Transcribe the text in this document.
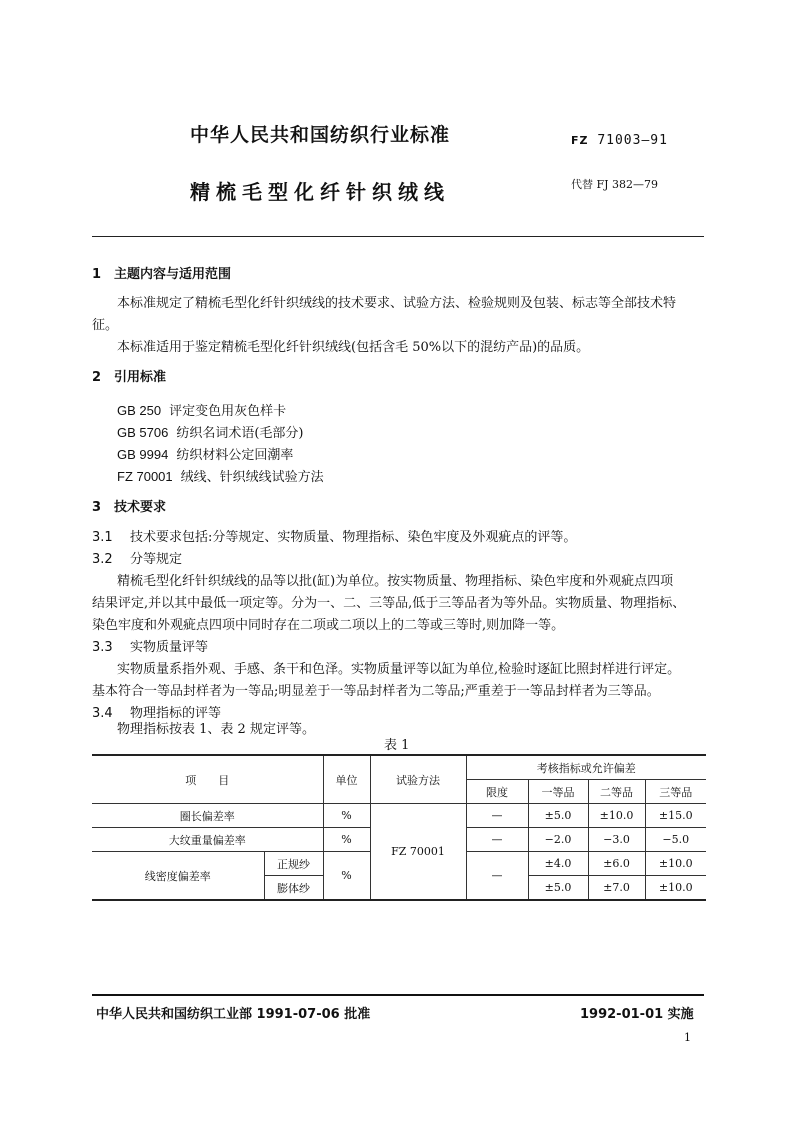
中华人民共和国纺织行业标准	FZ 71003—91
精梳毛型化纤针织绒线	代替 FJ 382—79
1 主题内容与适用范围
本标准规定了精梳毛型化纤针织绒线的技术要求、试验方法、检验规则及包装、标志等全部技术特
征。
本标准适用于鉴定精梳毛型化纤针织绒线(包括含毛 50%以下的混纺产品)的品质。
2 引用标准
GB 250 评定变色用灰色样卡
GB 5706 纺织名词术语(毛部分)
GB 9994 纺织材料公定回潮率
FZ 70001 绒线、针织绒线试验方法
3 技术要求
3.1 技术要求包括:分等规定、实物质量、物理指标、染色牢度及外观疵点的评等。
3.2 分等规定
精梳毛型化纤针织绒线的品等以批(缸)为单位。按实物质量、物理指标、染色牢度和外观疵点四项
结果评定,并以其中最低一项定等。分为一、二、三等品,低于三等品者为等外品。实物质量、物理指标、
染色牢度和外观疵点四项中同时存在二项或二项以上的二等或三等时,则加降一等。
3.3 实物质量评等
实物质量系指外观、手感、条干和色泽。实物质量评等以缸为单位,检验时逐缸比照封样进行评定。
基本符合一等品封样者为一等品;明显差于一等品封样者为二等品;严重差于一等品封样者为三等品。
3.4 物理指标的评等
物理指标按表 1、表 2 规定评等。
表 1
项　　目		单位	试验方法	考核指标或允许偏差			
				限度	一等品	二等品	三等品
圈长偏差率		%	FZ 70001	—	±5.0	±10.0	±15.0
大纹重量偏差率		%		—	−2.0	−3.0	−5.0
线密度偏差率	正规纱	%		—	±4.0	±6.0	±10.0
	膨体纱				±5.0	±7.0	±10.0
中华人民共和国纺织工业部 1991-07-06 批准	1992-01-01 实施
1
